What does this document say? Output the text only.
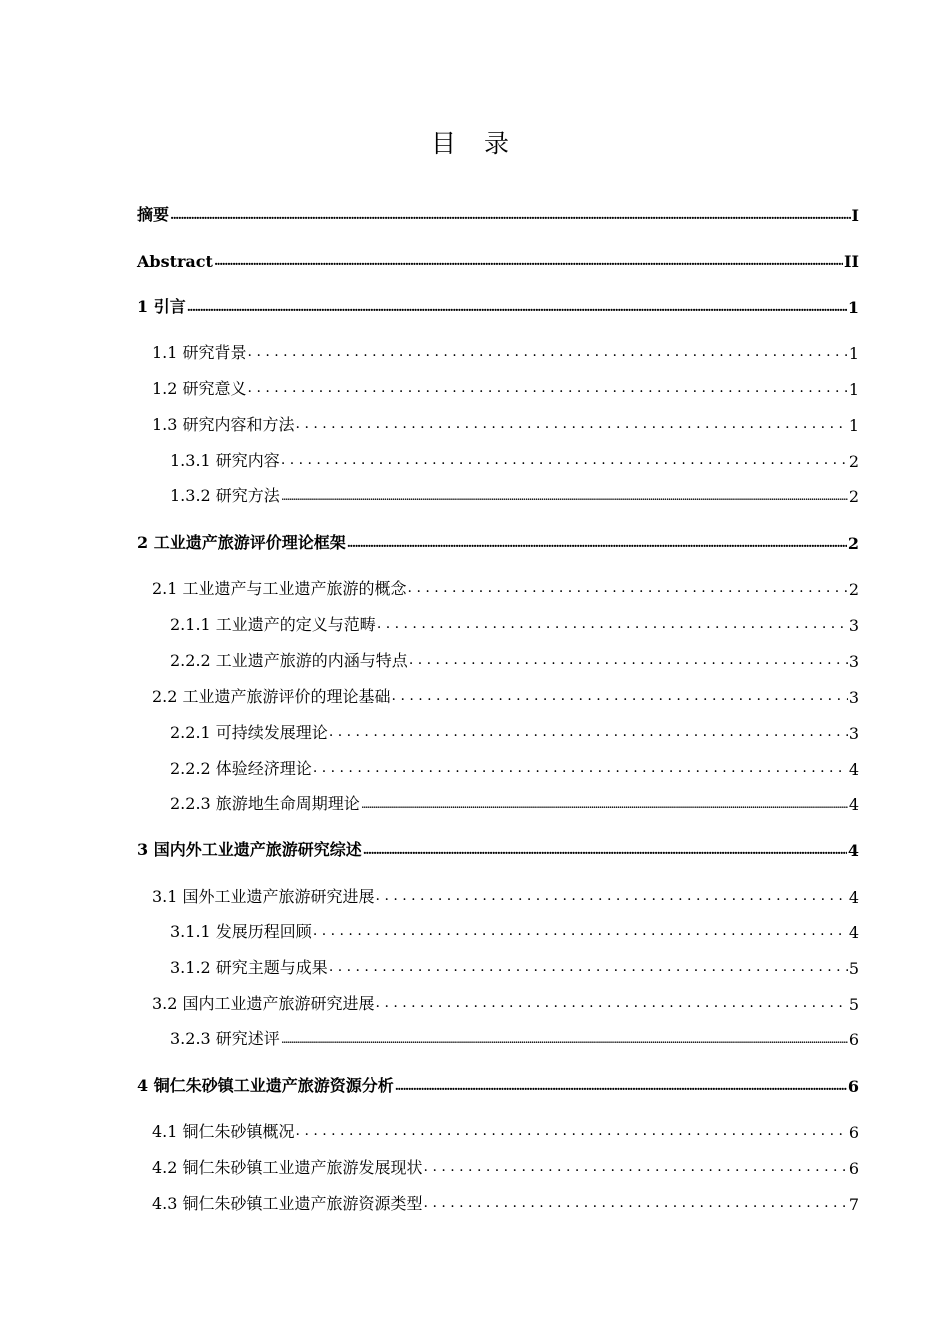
目 录
摘要 .....	I
Abstract .....	II
1 引言 .....	1
1.1 研究背景 . . .	1
1.2 研究意义 . . .	1
1.3 研究内容和方法 . . .	1
1.3.1 研究内容 . . .	2
1.3.2 研究方法 .....	2
2 工业遗产旅游评价理论框架 .....	2
2.1 工业遗产与工业遗产旅游的概念 . . .	2
2.1.1 工业遗产的定义与范畴 . . .	3
2.2.2 工业遗产旅游的内涵与特点 . . .	3
2.2 工业遗产旅游评价的理论基础 . . .	3
2.2.1 可持续发展理论 . . .	3
2.2.2 体验经济理论 . . .	4
2.2.3 旅游地生命周期理论 .....	4
3 国内外工业遗产旅游研究综述 .....	4
3.1 国外工业遗产旅游研究进展 . . .	4
3.1.1 发展历程回顾 . . .	4
3.1.2 研究主题与成果 . . .	5
3.2 国内工业遗产旅游研究进展 . . .	5
3.2.3 研究述评 .....	6
4 铜仁朱砂镇工业遗产旅游资源分析 .....	6
4.1 铜仁朱砂镇概况 . . .	6
4.2 铜仁朱砂镇工业遗产旅游发展现状 . . .	6
4.3 铜仁朱砂镇工业遗产旅游资源类型 . . .	7
